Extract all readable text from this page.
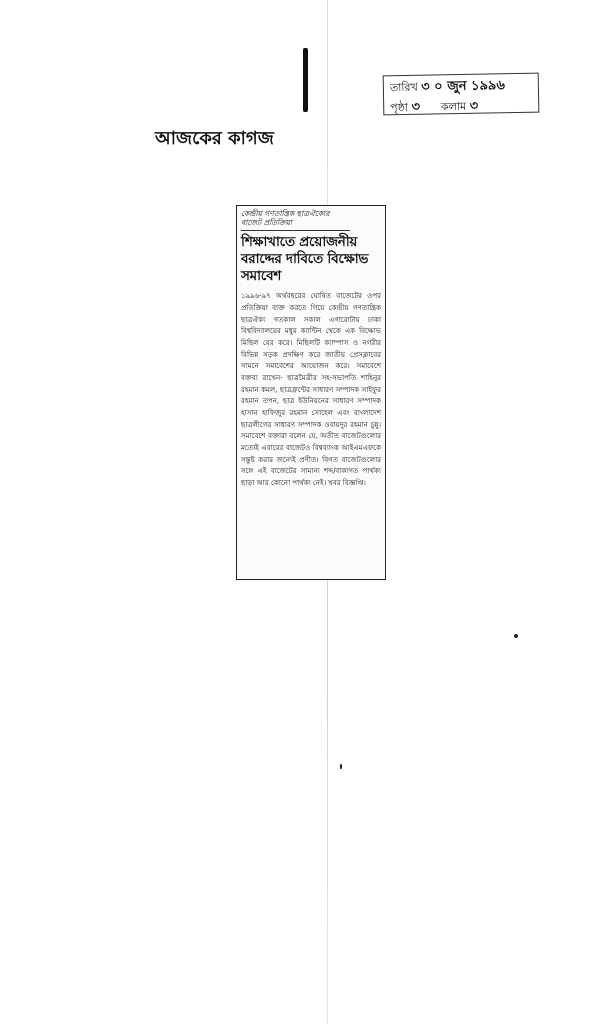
তারিখ ৩ ০ জুন ১৯৯৬
পৃষ্ঠা ৩ কলাম ৩
আজকের কাগজ
কেন্দ্রীয় গণতান্ত্রিক ছাত্রঐক্যের বাজেট প্রতিক্রিয়া
শিক্ষাখাতে প্রয়োজনীয় বরাদ্দের দাবিতে বিক্ষোভ সমাবেশ
১৯৯৬-৯৭ অর্থবছরের ঘোষিত বাজেটের ওপর প্রতিক্রিয়া ব্যক্ত করতে গিয়ে কেন্দ্রীয় গণতান্ত্রিক ছাত্রঐক্য গতকাল সকাল এগারোটায় ঢাকা বিশ্ববিদ্যালয়ের মধুর ক্যান্টিন থেকে এক বিক্ষোভ মিছিল বের করে। মিছিলটি ক্যাম্পাস ও নগরীর বিভিন্ন সড়ক প্রদক্ষিণ করে জাতীয় প্রেসক্লাবের সামনে সমাবেশের আয়োজন করে। সমাবেশে বক্তব্য রাখেন- ছাত্রমৈত্রীর সহ-সভাপতি শাহিনুর রহমান কমল, ছাত্রফ্রন্টের সাধারণ সম্পাদক সাইফুর রহমান তপন, ছাত্র ইউনিয়নের সাধারণ সম্পাদক হাসান হাফিজুর রহমান সোহেল এবং বাংলাদেশ ছাত্রলীগের সাধারণ সম্পাদক ওবায়দুর রহমান চুন্নু। সমাবেশে বক্তারা বলেন যে, অতীত বাজেটগুলোর মতোই এবারের বাজেটও বিশ্বব্যাংক আইএমএফকে সন্তুষ্ট করার জন্যেই প্রণীত। বিগত বাজেটগুলোর সঙ্গে এই বাজেটের সামান্য শব্দ/বাক্যগত পার্থক্য ছাড়া আর কোনো পার্থক্য নেই। খবর বিজ্ঞপ্তি।
